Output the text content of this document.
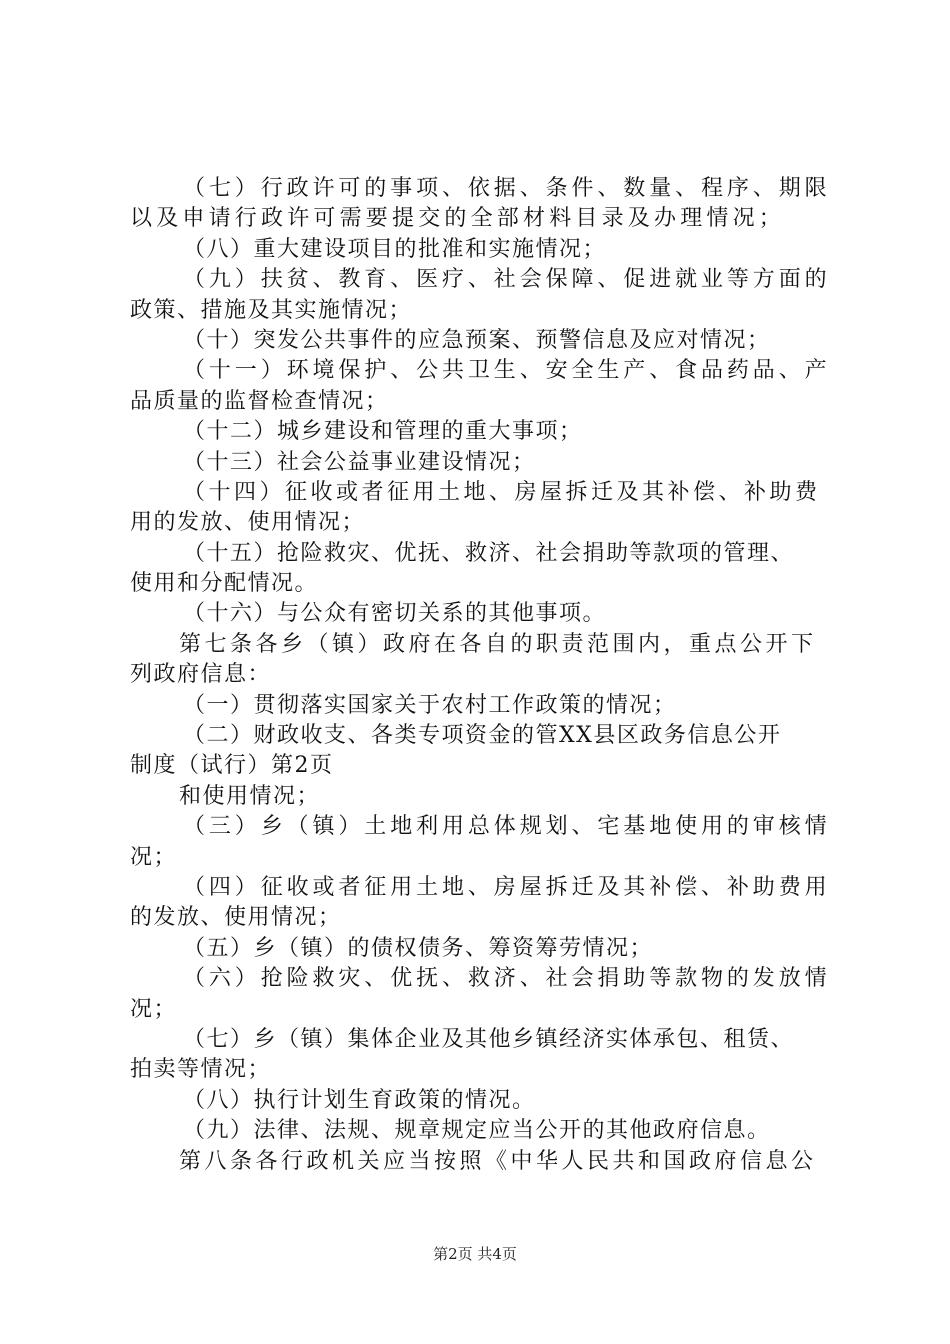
（七）行政许可的事项、依据、条件、数量、程序、期限
以及申请行政许可需要提交的全部材料目录及办理情况；
（八）重大建设项目的批准和实施情况；
（九）扶贫、教育、医疗、社会保障、促进就业等方面的
政策、措施及其实施情况；
（十）突发公共事件的应急预案、预警信息及应对情况；
（十一）环境保护、公共卫生、安全生产、食品药品、产
品质量的监督检查情况；
（十二）城乡建设和管理的重大事项；
（十三）社会公益事业建设情况；
（十四）征收或者征用土地、房屋拆迁及其补偿、补助费
用的发放、使用情况；
（十五）抢险救灾、优抚、救济、社会捐助等款项的管理、
使用和分配情况。
（十六）与公众有密切关系的其他事项。
第七条各乡（镇）政府在各自的职责范围内，重点公开下
列政府信息：
（一）贯彻落实国家关于农村工作政策的情况；
（二）财政收支、各类专项资金的管XX县区政务信息公开
制度（试行）第2页
和使用情况；
（三）乡（镇）土地利用总体规划、宅基地使用的审核情
况；
（四）征收或者征用土地、房屋拆迁及其补偿、补助费用
的发放、使用情况；
（五）乡（镇）的债权债务、筹资筹劳情况；
（六）抢险救灾、优抚、救济、社会捐助等款物的发放情
况；
（七）乡（镇）集体企业及其他乡镇经济实体承包、租赁、
拍卖等情况；
（八）执行计划生育政策的情况。
（九）法律、法规、规章规定应当公开的其他政府信息。
第八条各行政机关应当按照《中华人民共和国政府信息公
第2页 共4页
